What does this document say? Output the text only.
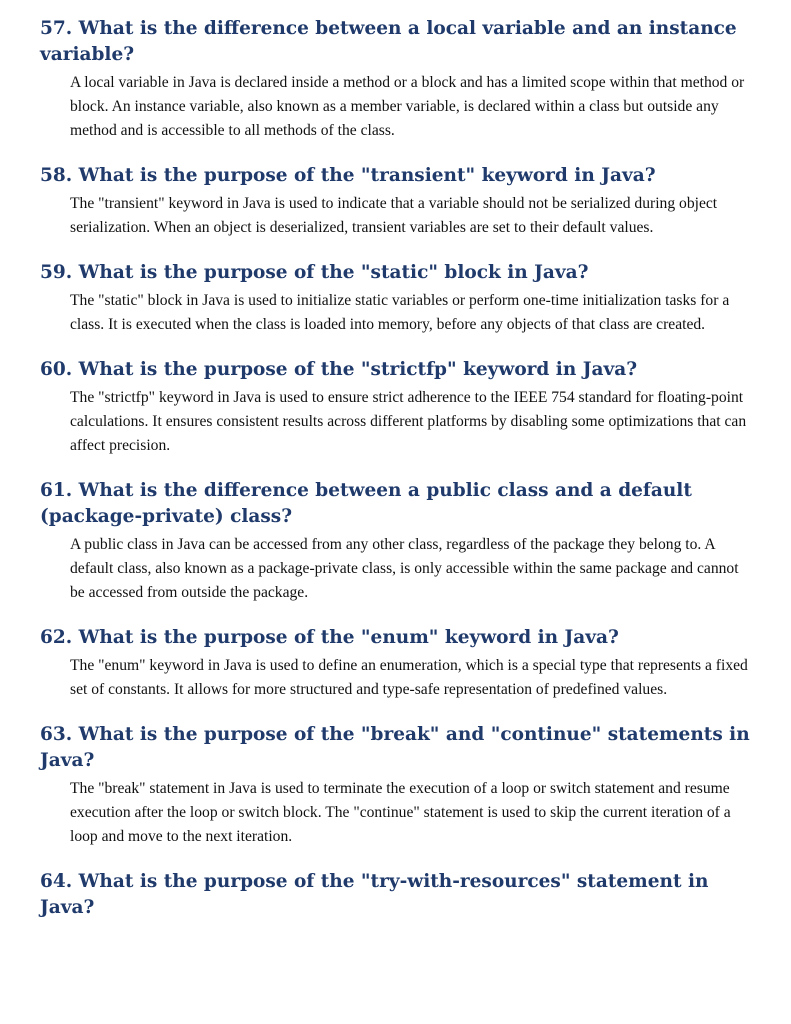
57. What is the difference between a local variable and an instance variable?

A local variable in Java is declared inside a method or a block and has a limited scope within that method or block. An instance variable, also known as a member variable, is declared within a class but outside any method and is accessible to all methods of the class.

58. What is the purpose of the "transient" keyword in Java?

The "transient" keyword in Java is used to indicate that a variable should not be serialized during object serialization. When an object is deserialized, transient variables are set to their default values.

59. What is the purpose of the "static" block in Java?

The "static" block in Java is used to initialize static variables or perform one-time initialization tasks for a class. It is executed when the class is loaded into memory, before any objects of that class are created.

60. What is the purpose of the "strictfp" keyword in Java?

The "strictfp" keyword in Java is used to ensure strict adherence to the IEEE 754 standard for floating-point calculations. It ensures consistent results across different platforms by disabling some optimizations that can affect precision.

61. What is the difference between a public class and a default (package-private) class?

A public class in Java can be accessed from any other class, regardless of the package they belong to. A default class, also known as a package-private class, is only accessible within the same package and cannot be accessed from outside the package.

62. What is the purpose of the "enum" keyword in Java?

The "enum" keyword in Java is used to define an enumeration, which is a special type that represents a fixed set of constants. It allows for more structured and type-safe representation of predefined values.

63. What is the purpose of the "break" and "continue" statements in Java?

The "break" statement in Java is used to terminate the execution of a loop or switch statement and resume execution after the loop or switch block. The "continue" statement is used to skip the current iteration of a loop and move to the next iteration.

64. What is the purpose of the "try-with-resources" statement in Java?
